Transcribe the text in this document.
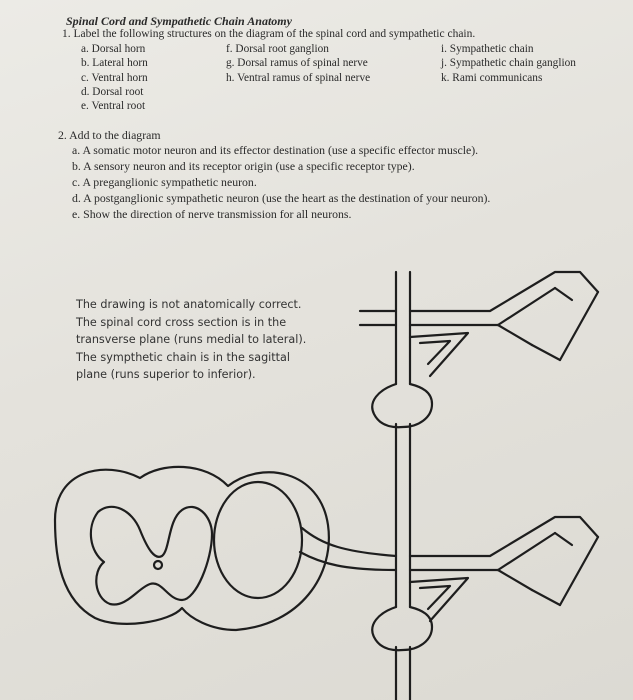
Spinal Cord and Sympathetic Chain Anatomy
1. Label the following structures on the diagram of the spinal cord and sympathetic chain.
a. Dorsal horn
b. Lateral horn
c. Ventral horn
d. Dorsal root
e. Ventral root
f. Dorsal root ganglion
g. Dorsal ramus of spinal nerve
h. Ventral ramus of spinal nerve
i. Sympathetic chain
j. Sympathetic chain ganglion
k. Rami communicans
2. Add to the diagram
a. A somatic motor neuron and its effector destination (use a specific effector muscle).
b. A sensory neuron and its receptor origin (use a specific receptor type).
c. A preganglionic sympathetic neuron.
d. A postganglionic sympathetic neuron (use the heart as the destination of your neuron).
e. Show the direction of nerve transmission for all neurons.
The drawing is not anatomically correct.
The spinal cord cross section is in the
transverse plane (runs medial to lateral).
The sympthetic chain is in the sagittal
plane (runs superior to inferior).
